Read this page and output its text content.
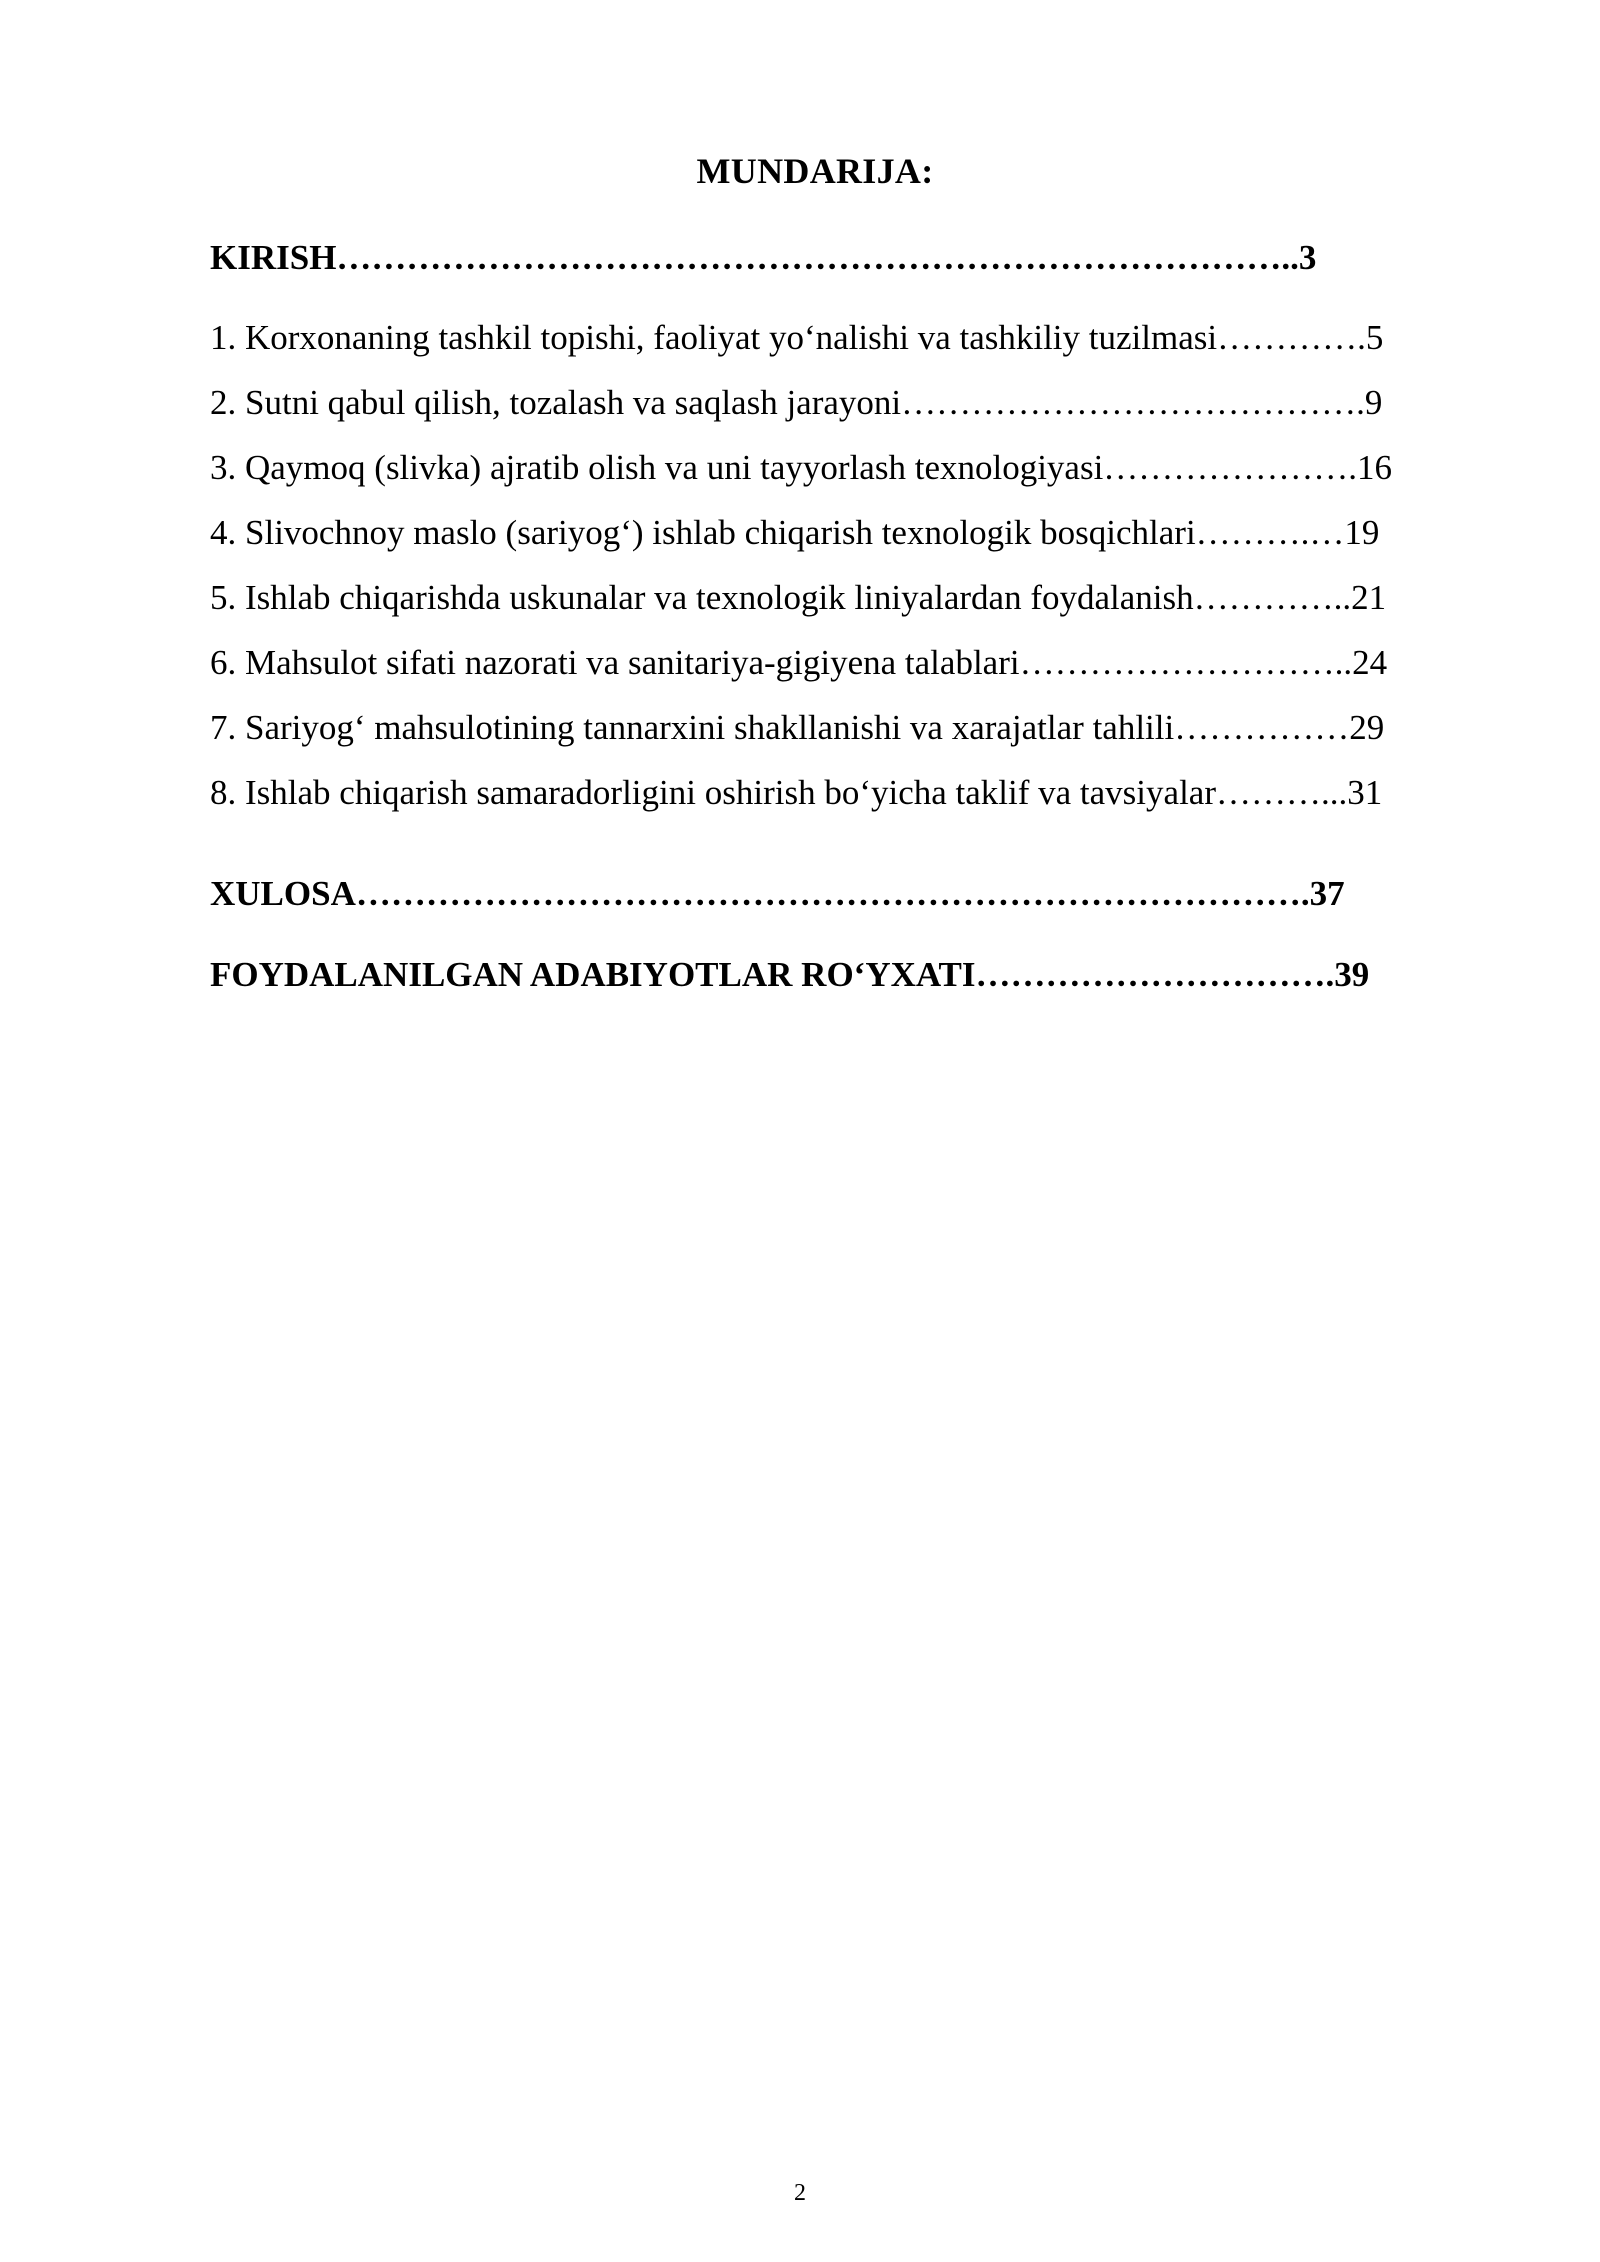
MUNDARIJA:

KIRISH………………………………………………………………………..3

1. Korxonaning tashkil topishi, faoliyat yo‘nalishi va tashkiliy tuzilmasi………….5

2. Sutni qabul qilish, tozalash va saqlash jarayoni………………………………….9

3. Qaymoq (slivka) ajratib olish va uni tayyorlash texnologiyasi………………….16

4. Slivochnoy maslo (sariyog‘) ishlab chiqarish texnologik bosqichlari……….…19

5. Ishlab chiqarishda uskunalar va texnologik liniyalardan foydalanish…………..21

6. Mahsulot sifati nazorati va sanitariya-gigiyena talablari………………………..24

7. Sariyog‘ mahsulotining tannarxini shakllanishi va xarajatlar tahlili……………29

8. Ishlab chiqarish samaradorligini oshirish bo‘yicha taklif va tavsiyalar………...31

XULOSA……………………………………………………………………….37

FOYDALANILGAN ADABIYOTLAR RO‘YXATI………………………….39

2
